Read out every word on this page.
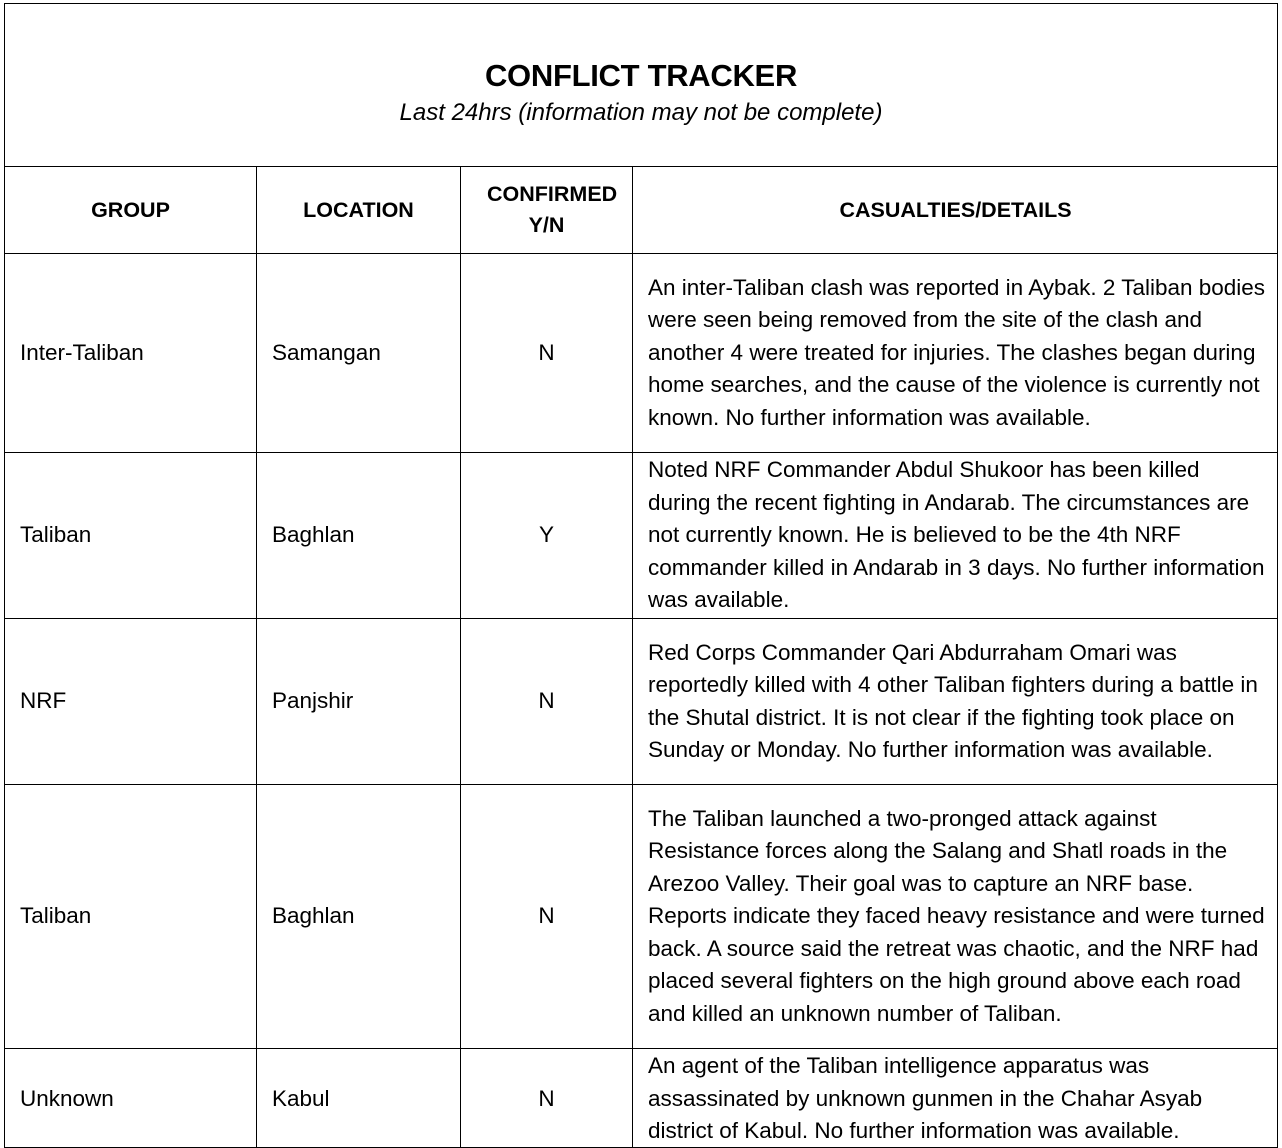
CONFLICT TRACKER
Last 24hrs (information may not be complete)
GROUP	LOCATION	CONFIRMED Y/N	CASUALTIES/DETAILS
Inter-Taliban	Samangan	N	An inter-Taliban clash was reported in Aybak. 2 Taliban bodies were seen being removed from the site of the clash and another 4 were treated for injuries. The clashes began during home searches, and the cause of the violence is currently not known. No further information was available.
Taliban	Baghlan	Y	Noted NRF Commander Abdul Shukoor has been killed during the recent fighting in Andarab. The circumstances are not currently known. He is believed to be the 4th NRF commander killed in Andarab in 3 days. No further information was available.
NRF	Panjshir	N	Red Corps Commander Qari Abdurraham Omari was reportedly killed with 4 other Taliban fighters during a battle in the Shutal district. It is not clear if the fighting took place on Sunday or Monday. No further information was available.
Taliban	Baghlan	N	The Taliban launched a two-pronged attack against Resistance forces along the Salang and Shatl roads in the Arezoo Valley. Their goal was to capture an NRF base. Reports indicate they faced heavy resistance and were turned back. A source said the retreat was chaotic, and the NRF had placed several fighters on the high ground above each road and killed an unknown number of Taliban.
Unknown	Kabul	N	An agent of the Taliban intelligence apparatus was assassinated by unknown gunmen in the Chahar Asyab district of Kabul. No further information was available.
